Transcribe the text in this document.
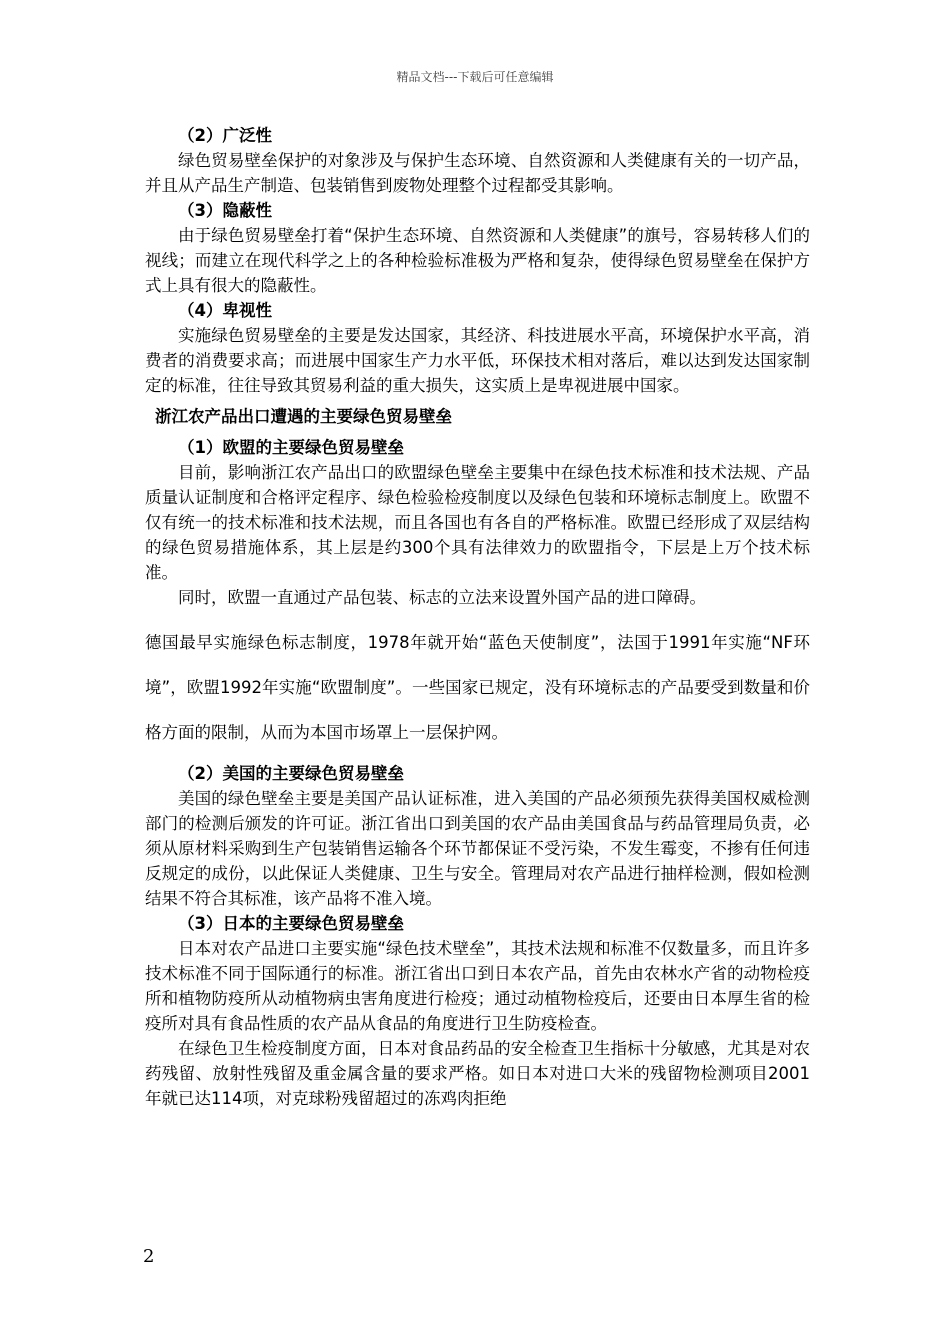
精品文档---下载后可任意编辑

（2）广泛性

绿色贸易壁垒保护的对象涉及与保护生态环境、自然资源和人类健康有关的一切产品，并且从产品生产制造、包装销售到废物处理整个过程都受其影响。

（3）隐蔽性

由于绿色贸易壁垒打着“保护生态环境、自然资源和人类健康”的旗号，容易转移人们的视线；而建立在现代科学之上的各种检验标准极为严格和复杂，使得绿色贸易壁垒在保护方式上具有很大的隐蔽性。

（4）卑视性

实施绿色贸易壁垒的主要是发达国家，其经济、科技进展水平高，环境保护水平高，消费者的消费要求高；而进展中国家生产力水平低，环保技术相对落后，难以达到发达国家制定的标准，往往导致其贸易利益的重大损失，这实质上是卑视进展中国家。

浙江农产品出口遭遇的主要绿色贸易壁垒

（1）欧盟的主要绿色贸易壁垒

目前，影响浙江农产品出口的欧盟绿色壁垒主要集中在绿色技术标准和技术法规、产品质量认证制度和合格评定程序、绿色检验检疫制度以及绿色包装和环境标志制度上。欧盟不仅有统一的技术标准和技术法规，而且各国也有各自的严格标准。欧盟已经形成了双层结构的绿色贸易措施体系，其上层是约300个具有法律效力的欧盟指令，下层是上万个技术标准。

同时，欧盟一直通过产品包装、标志的立法来设置外国产品的进口障碍。

德国最早实施绿色标志制度，1978年就开始“蓝色天使制度”，法国于1991年实施“NF环境”，欧盟1992年实施“欧盟制度”。一些国家已规定，没有环境标志的产品要受到数量和价格方面的限制，从而为本国市场罩上一层保护网。

（2）美国的主要绿色贸易壁垒

美国的绿色壁垒主要是美国产品认证标准，进入美国的产品必须预先获得美国权威检测部门的检测后颁发的许可证。浙江省出口到美国的农产品由美国食品与药品管理局负责，必须从原材料采购到生产包装销售运输各个环节都保证不受污染，不发生霉变，不掺有任何违反规定的成份，以此保证人类健康、卫生与安全。管理局对农产品进行抽样检测，假如检测结果不符合其标准，该产品将不准入境。

（3）日本的主要绿色贸易壁垒

日本对农产品进口主要实施“绿色技术壁垒”，其技术法规和标准不仅数量多，而且许多技术标准不同于国际通行的标准。浙江省出口到日本农产品，首先由农林水产省的动物检疫所和植物防疫所从动植物病虫害角度进行检疫；通过动植物检疫后，还要由日本厚生省的检疫所对具有食品性质的农产品从食品的角度进行卫生防疫检查。

在绿色卫生检疫制度方面，日本对食品药品的安全检查卫生指标十分敏感，尤其是对农药残留、放射性残留及重金属含量的要求严格。如日本对进口大米的残留物检测项目2001年就已达114项，对克球粉残留超过的冻鸡肉拒绝

2
